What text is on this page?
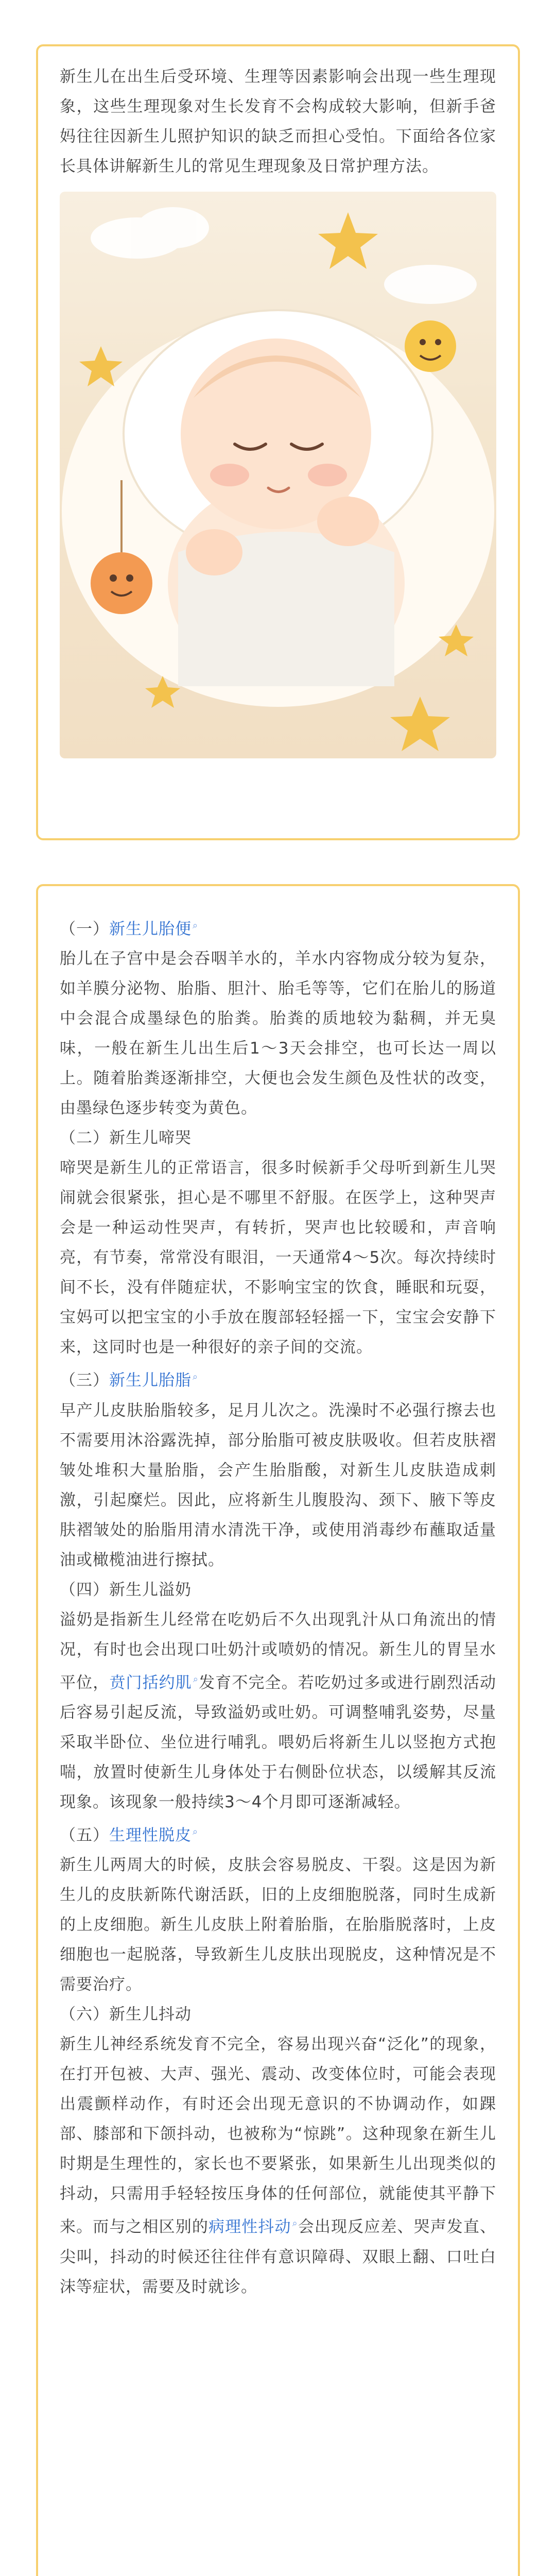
新生儿在出生后受环境、生理等因素影响会出现一些生理现象，这些生理现象对生长发育不会构成较大影响，但新手爸妈往往因新生儿照护知识的缺乏而担心受怕。下面给各位家长具体讲解新生儿的常见生理现象及日常护理方法。
（一）新生儿胎便 ⌕
胎儿在子宫中是会吞咽羊水的，羊水内容物成分较为复杂，如羊膜分泌物、胎脂、胆汁、胎毛等等，它们在胎儿的肠道中会混合成墨绿色的胎粪。胎粪的质地较为黏稠，并无臭味，一般在新生儿出生后1～3天会排空，也可长达一周以上。随着胎粪逐渐排空，大便也会发生颜色及性状的改变，由墨绿色逐步转变为黄色。
（二）新生儿啼哭
啼哭是新生儿的正常语言，很多时候新手父母听到新生儿哭闹就会很紧张，担心是不哪里不舒服。在医学上，这种哭声会是一种运动性哭声，有转折，哭声也比较暖和，声音响亮，有节奏，常常没有眼泪，一天通常4～5次。每次持续时间不长，没有伴随症状，不影响宝宝的饮食，睡眠和玩耍，宝妈可以把宝宝的小手放在腹部轻轻摇一下，宝宝会安静下来，这同时也是一种很好的亲子间的交流。
（三）新生儿胎脂 ⌕
早产儿皮肤胎脂较多，足月儿次之。洗澡时不必强行擦去也不需要用沐浴露洗掉，部分胎脂可被皮肤吸收。但若皮肤褶皱处堆积大量胎脂，会产生胎脂酸，对新生儿皮肤造成刺激，引起糜烂。因此，应将新生儿腹股沟、颈下、腋下等皮肤褶皱处的胎脂用清水清洗干净，或使用消毒纱布蘸取适量油或橄榄油进行擦拭。
（四）新生儿溢奶
溢奶是指新生儿经常在吃奶后不久出现乳汁从口角流出的情况，有时也会出现口吐奶汁或喷奶的情况。新生儿的胃呈水平位，贲门括约肌 ⌕发育不完全。若吃奶过多或进行剧烈活动后容易引起反流，导致溢奶或吐奶。可调整哺乳姿势，尽量采取半卧位、坐位进行哺乳。喂奶后将新生儿以竖抱方式抱喘，放置时使新生儿身体处于右侧卧位状态，以缓解其反流现象。该现象一般持续3～4个月即可逐渐减轻。
（五）生理性脱皮 ⌕
新生儿两周大的时候，皮肤会容易脱皮、干裂。这是因为新生儿的皮肤新陈代谢活跃，旧的上皮细胞脱落，同时生成新的上皮细胞。新生儿皮肤上附着胎脂，在胎脂脱落时，上皮细胞也一起脱落，导致新生儿皮肤出现脱皮，这种情况是不需要治疗。
（六）新生儿抖动
新生儿神经系统发育不完全，容易出现兴奋“泛化”的现象，在打开包被、大声、强光、震动、改变体位时，可能会表现出震颤样动作，有时还会出现无意识的不协调动作，如踝部、膝部和下颌抖动，也被称为“惊跳”。这种现象在新生儿时期是生理性的，家长也不要紧张，如果新生儿出现类似的抖动，只需用手轻轻按压身体的任何部位，就能使其平静下来。而与之相区别的病理性抖动 ⌕会出现反应差、哭声发直、尖叫，抖动的时候还往往伴有意识障碍、双眼上翻、口吐白沫等症状，需要及时就诊。
